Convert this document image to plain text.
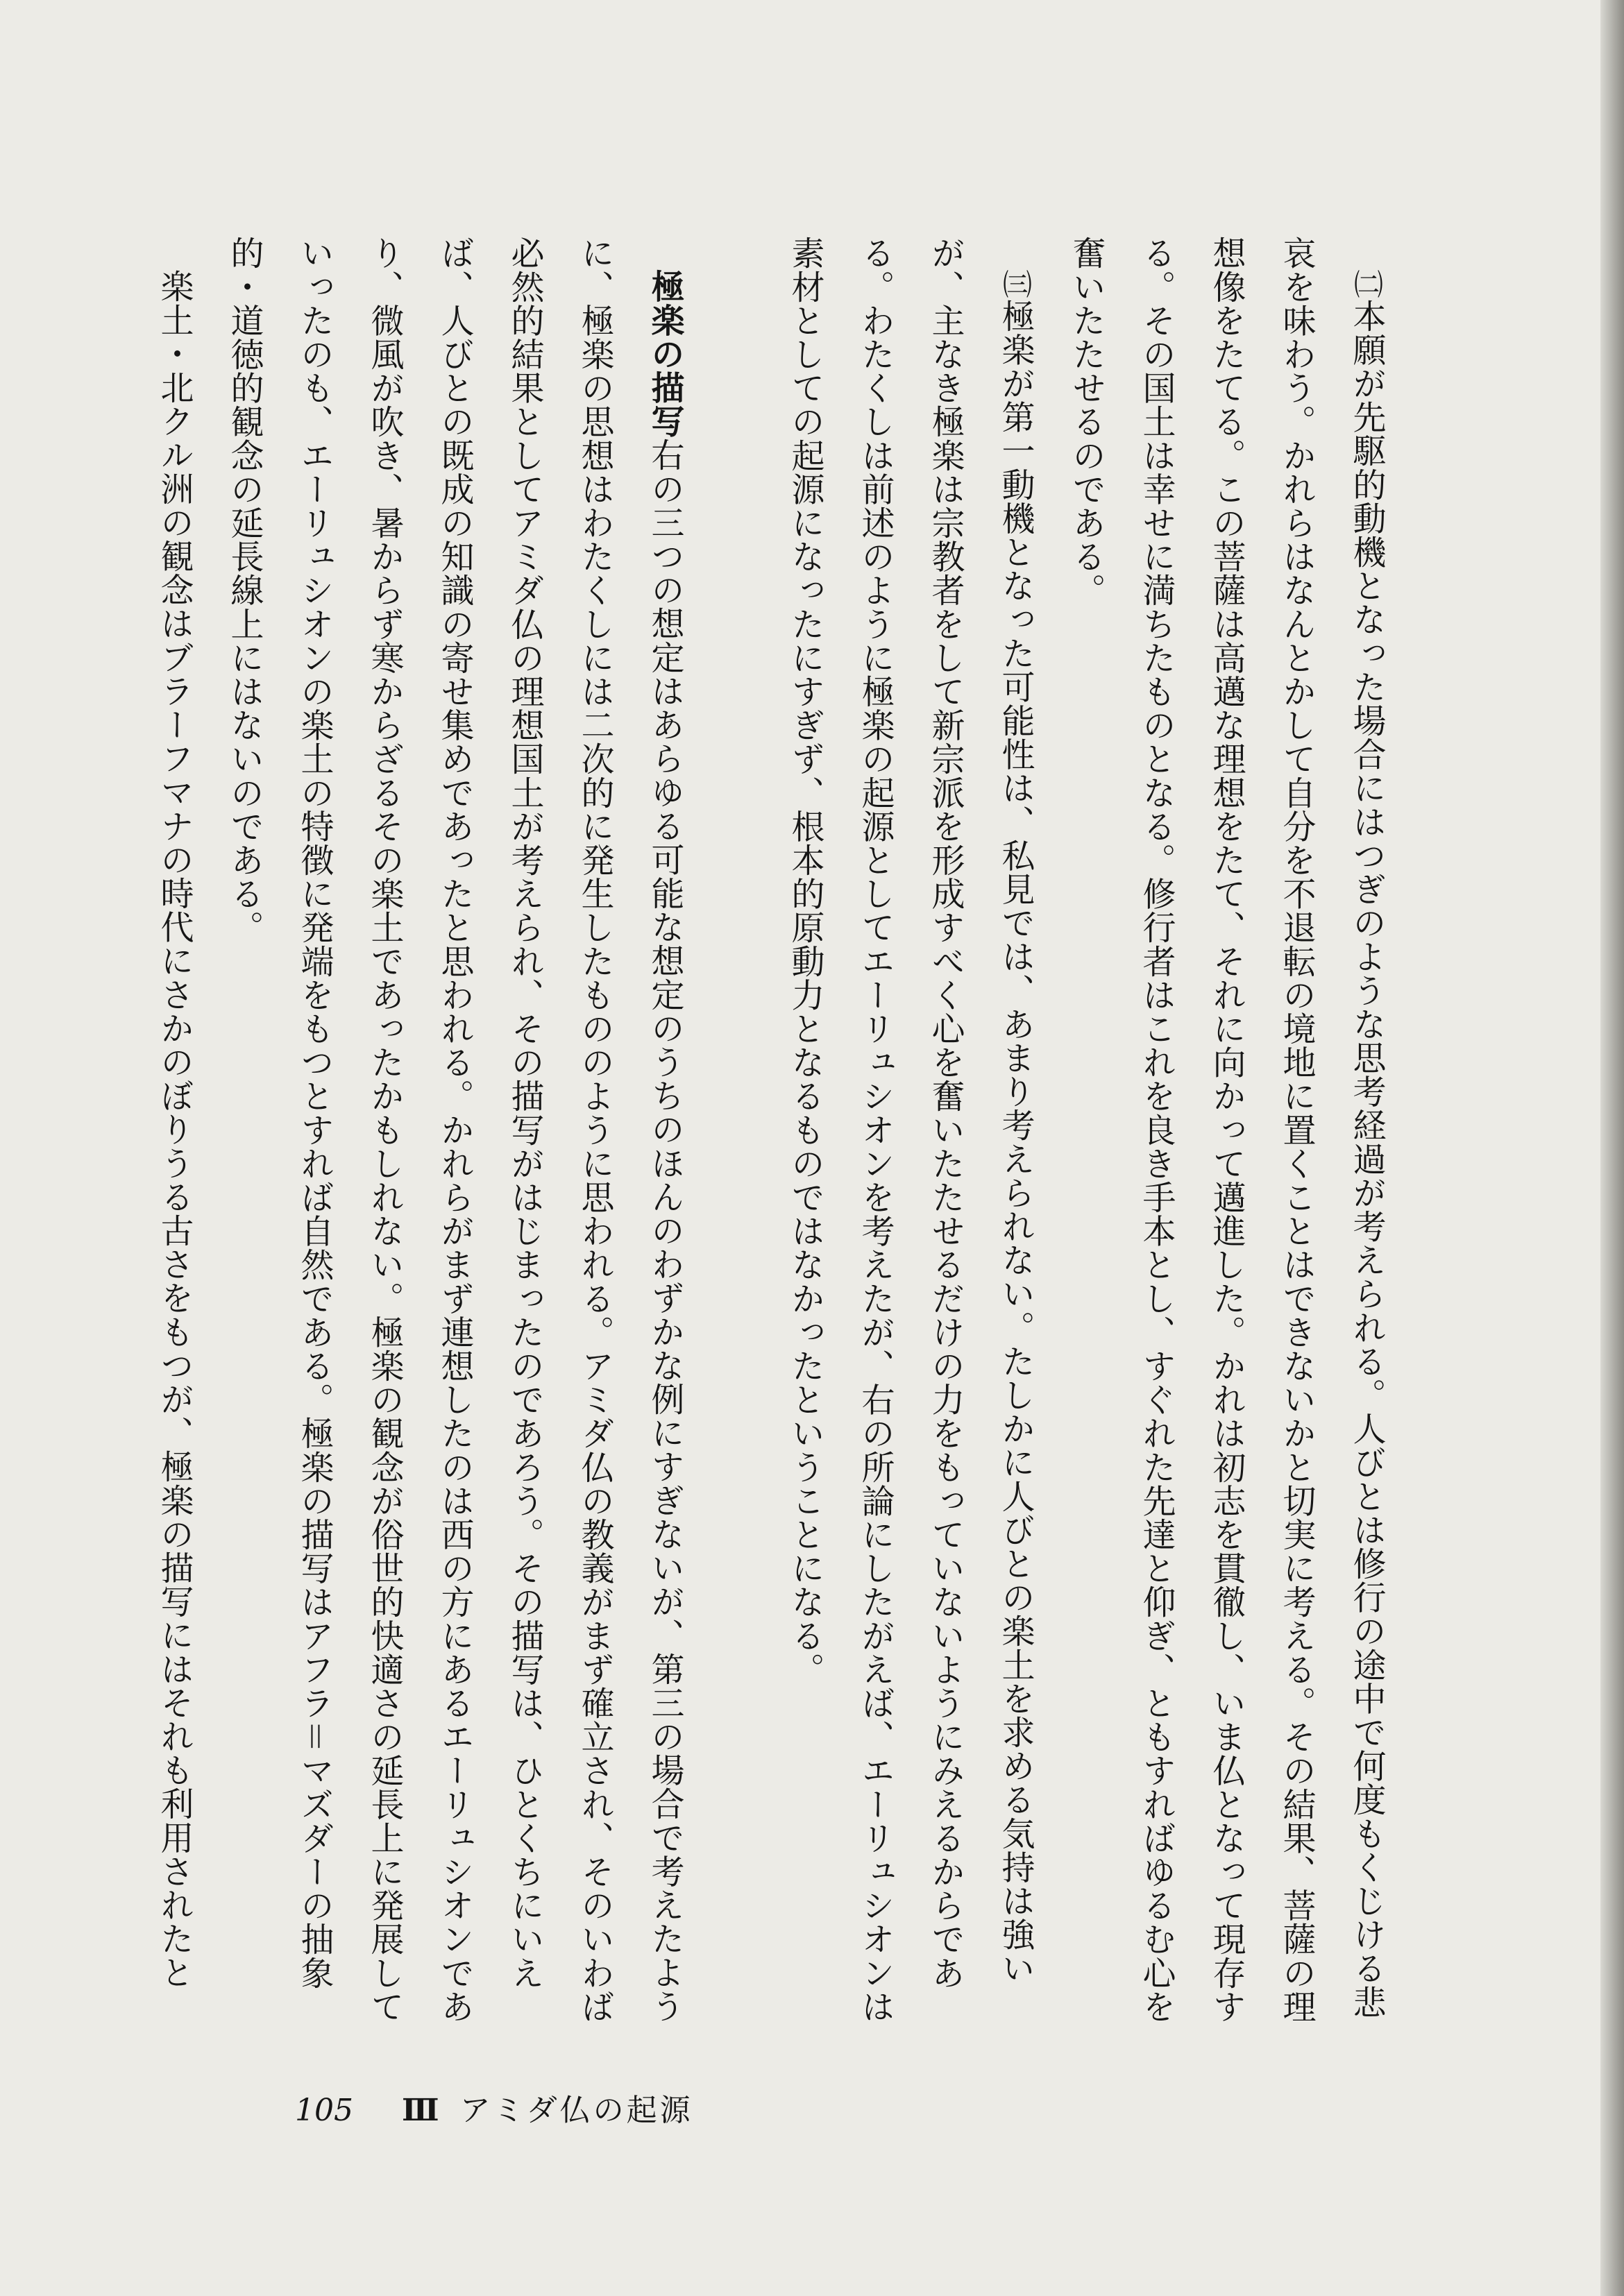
㈡本願が先駆的動機となった場合にはつぎのような思考経過が考えられる。人びとは修行の途中で何度もくじける悲哀を味わう。かれらはなんとかして自分を不退転の境地に置くことはできないかと切実に考える。その結果、菩薩の理想像をたてる。この菩薩は高邁な理想をたて、それに向かって邁進した。かれは初志を貫徹し、いま仏となって現存する。その国土は幸せに満ちたものとなる。修行者はこれを良き手本とし、すぐれた先達と仰ぎ、ともすればゆるむ心を奮いたたせるのである。

㈢極楽が第一動機となった可能性は、私見では、あまり考えられない。たしかに人びとの楽土を求める気持は強いが、主なき極楽は宗教者をして新宗派を形成すべく心を奮いたたせるだけの力をもっていないようにみえるからである。わたくしは前述のように極楽の起源としてエーリュシオンを考えたが、右の所論にしたがえば、エーリュシオンは素材としての起源になったにすぎず、根本的原動力となるものではなかったということになる。

極楽の描写右の三つの想定はあらゆる可能な想定のうちのほんのわずかな例にすぎないが、第三の場合で考えたように、極楽の思想はわたくしには二次的に発生したもののように思われる。アミダ仏の教義がまず確立され、そのいわば必然的結果としてアミダ仏の理想国土が考えられ、その描写がはじまったのであろう。その描写は、ひとくちにいえば、人びとの既成の知識の寄せ集めであったと思われる。かれらがまず連想したのは西の方にあるエーリュシオンであり、微風が吹き、暑からず寒からざるその楽土であったかもしれない。極楽の観念が俗世的快適さの延長上に発展していったのも、エーリュシオンの楽土の特徴に発端をもつとすれば自然である。極楽の描写はアフラ＝マズダーの抽象的・道徳的観念の延長線上にはないのである。

楽土・北クル洲の観念はブラーフマナの時代にさかのぼりうる古さをもつが、極楽の描写にはそれも利用されたと

105 Ⅲ アミダ仏の起源
